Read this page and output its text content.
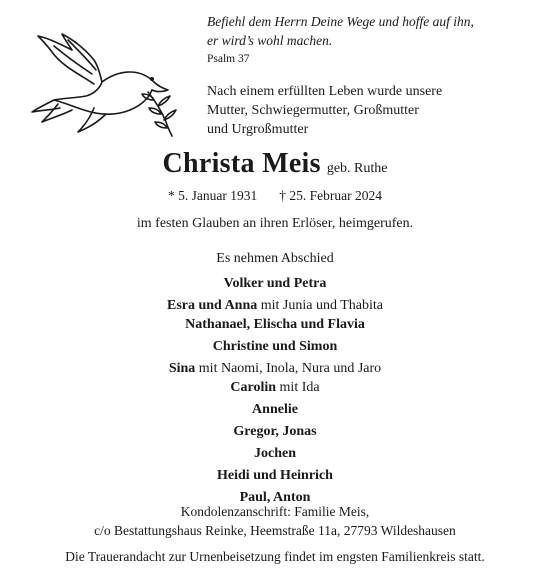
Befiehl dem Herrn Deine Wege und hoffe auf ihn,
er wird’s wohl machen.
Psalm 37
Nach einem erfüllten Leben wurde unsere
Mutter, Schwiegermutter, Großmutter
und Urgroßmutter
Christa Meis geb. Ruthe
* 5. Januar 1931 † 25. Februar 2024
im festen Glauben an ihren Erlöser, heimgerufen.
Es nehmen Abschied
Volker und Petra
Esra und Anna mit Junia und Thabita
Nathanael, Elischa und Flavia
Christine und Simon
Sina mit Naomi, Inola, Nura und Jaro
Carolin mit Ida
Annelie
Gregor, Jonas
Jochen
Heidi und Heinrich
Paul, Anton
Kondolenzanschrift: Familie Meis,
c/o Bestattungshaus Reinke, Heemstraße 11a, 27793 Wildeshausen
Die Trauerandacht zur Urnenbeisetzung findet im engsten Familienkreis statt.
